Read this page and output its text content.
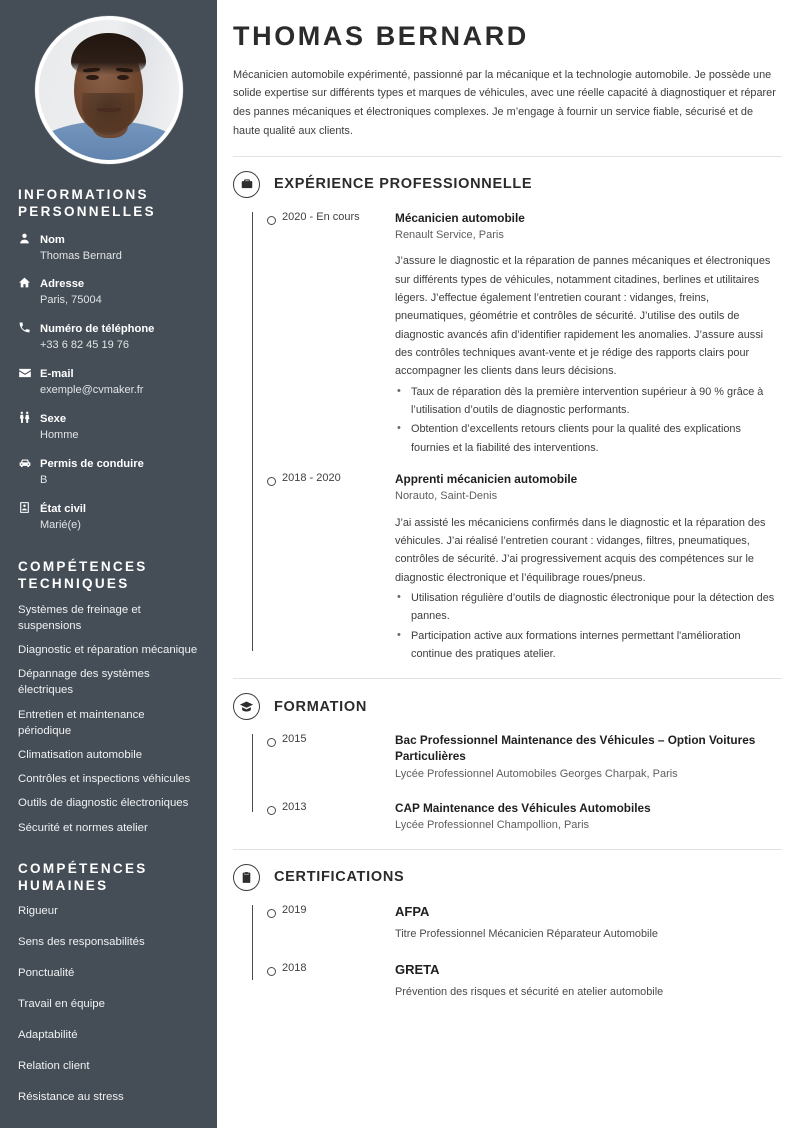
INFORMATIONS PERSONNELLES
Nom
Thomas Bernard
Adresse
Paris, 75004
Numéro de téléphone
+33 6 82 45 19 76
E-mail
exemple@cvmaker.fr
Sexe
Homme
Permis de conduire
B
État civil
Marié(e)
COMPÉTENCES TECHNIQUES
Systèmes de freinage et suspensions
Diagnostic et réparation mécanique
Dépannage des systèmes électriques
Entretien et maintenance périodique
Climatisation automobile
Contrôles et inspections véhicules
Outils de diagnostic électroniques
Sécurité et normes atelier
COMPÉTENCES HUMAINES
Rigueur
Sens des responsabilités
Ponctualité
Travail en équipe
Adaptabilité
Relation client
Résistance au stress
THOMAS BERNARD

Mécanicien automobile expérimenté, passionné par la mécanique et la technologie automobile. Je possède une solide expertise sur différents types et marques de véhicules, avec une réelle capacité à diagnostiquer et réparer des pannes mécaniques et électroniques complexes. Je m’engage à fournir un service fiable, sécurisé et de haute qualité aux clients.

EXPÉRIENCE PROFESSIONNELLE
2020 - En cours	Mécanicien automobile
Renault Service, Paris
J’assure le diagnostic et la réparation de pannes mécaniques et électroniques sur différents types de véhicules, notamment citadines, berlines et utilitaires légers. J’effectue également l’entretien courant : vidanges, freins, pneumatiques, géométrie et contrôles de sécurité. J’utilise des outils de diagnostic avancés afin d’identifier rapidement les anomalies. J’assure aussi des contrôles techniques avant-vente et je rédige des rapports clairs pour accompagner les clients dans leurs décisions.
• Taux de réparation dès la première intervention supérieur à 90 % grâce à l’utilisation d’outils de diagnostic performants.
• Obtention d’excellents retours clients pour la qualité des explications fournies et la fiabilité des interventions.
2018 - 2020	Apprenti mécanicien automobile
Norauto, Saint-Denis
J’ai assisté les mécaniciens confirmés dans le diagnostic et la réparation des véhicules. J’ai réalisé l’entretien courant : vidanges, filtres, pneumatiques, contrôles de sécurité. J’ai progressivement acquis des compétences sur le diagnostic électronique et l’équilibrage roues/pneus.
• Utilisation régulière d’outils de diagnostic électronique pour la détection des pannes.
• Participation active aux formations internes permettant l'amélioration continue des pratiques atelier.
FORMATION
2015	Bac Professionnel Maintenance des Véhicules – Option Voitures Particulières
Lycée Professionnel Automobiles Georges Charpak, Paris
2013	CAP Maintenance des Véhicules Automobiles
Lycée Professionnel Champollion, Paris
CERTIFICATIONS
2019	AFPA
Titre Professionnel Mécanicien Réparateur Automobile
2018	GRETA
Prévention des risques et sécurité en atelier automobile
